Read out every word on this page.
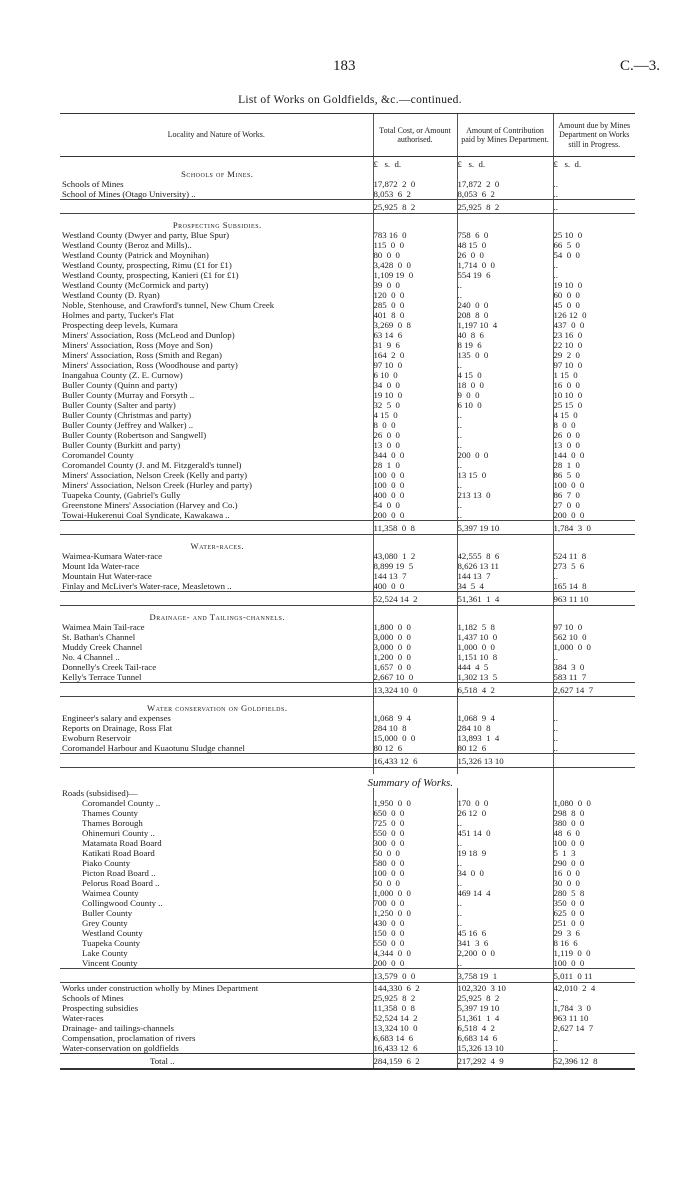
183	C.—3.
List of Works on Goldfields, &c.—continued.
Locality and Nature of Works.	Total Cost, or Amount authorised.	Amount of Contribution paid by Mines Department.	Amount due by Mines Department on Works still in Progress.
	£   s.  d.	£   s.  d.	£   s.  d.
Schools of Mines.			
Schools of Mines	17,872  2  0	17,872  2  0	..
School of Mines (Otago University) ..	8,053  6  2	8,053  6  2	..
	25,925  8  2	25,925  8  2	..

Prospecting Subsidies.			
Westland County (Dwyer and party, Blue Spur)	783 16  0	758  6  0	25 10  0
Westland County (Beroz and Mills)..	115  0  0	48 15  0	66  5  0
Westland County (Patrick and Moynihan)	80  0  0	26  0  0	54  0  0
Westland County, prospecting, Rimu (£1 for £1)	3,428  0  0	1,714  0  0	..
Westland County, prospecting, Kanieri (£1 for £1)	1,109 19  0	554 19  6	..
Westland County (McCormick and party)	39  0  0	..	19 10  0
Westland County (D. Ryan)	120  0  0	..	60  0  0
Noble, Stenhouse, and Crawford's tunnel, New Chum Creek	285  0  0	240  0  0	45  0  0
Holmes and party, Tucker's Flat	401  8  0	208  8  0	126 12  0
Prospecting deep levels, Kumara	3,269  0  8	1,197 10  4	437  0  0
Miners' Association, Ross (McLeod and Dunlop)	63 14  6	40  8  6	23 16  0
Miners' Association, Ross (Moye and Son)	31  9  6	8 19  6	22 10  0
Miners' Association, Ross (Smith and Regan)	164  2  0	135  0  0	29  2  0
Miners' Association, Ross (Woodhouse and party)	97 10  0	..	97 10  0
Inangahua County (Z. E. Curnow)	6 10  0	4 15  0	1 15  0
Buller County (Quinn and party)	34  0  0	18  0  0	16  0  0
Buller County (Murray and Forsyth ..	19 10  0	9  0  0	10 10  0
Buller County (Salter and party)	32  5  0	6 10  0	25 15  0
Buller County (Christmas and party)	4 15  0	..	4 15  0
Buller County (Jeffrey and Walker) ..	8  0  0	..	8  0  0
Buller County (Robertson and Sangwell)	26  0  0	..	26  0  0
Buller County (Burkitt and party)	13  0  0	..	13  0  0
Coromandel County	344  0  0	200  0  0	144  0  0
Coromandel County (J. and M. Fitzgerald's tunnel)	28  1  0	..	28  1  0
Miners' Association, Nelson Creek (Kelly and party)	100  0  0	13 15  0	86  5  0
Miners' Association, Nelson Creek (Hurley and party)	100  0  0	..	100  0  0
Tuapeka County, (Gabriel's Gully	400  0  0	213 13  0	86  7  0
Greenstone Miners' Association (Harvey and Co.)	54  0  0	..	27  0  0
Towai-Hukerenui Coal Syndicate, Kawakawa ..	200  0  0	..	200  0  0
	11,358  0  8	5,397 19 10	1,784  3  0

Water-races.			
Waimea-Kumara Water-race	43,080  1  2	42,555  8  6	524 11  8
Mount Ida Water-race	8,899 19  5	8,626 13 11	273  5  6
Mountain Hut Water-race	144 13  7	144 13  7	..
Finlay and McLiver's Water-race, Measletown ..	400  0  0	34  5  4	165 14  8
	52,524 14  2	51,361  1  4	963 11 10

Drainage- and Tailings-channels.			
Waimea Main Tail-race	1,800  0  0	1,182  5  8	97 10  0
St. Bathan's Channel	3,000  0  0	1,437 10  0	562 10  0
Muddy Creek Channel	3,000  0  0	1,000  0  0	1,000  0  0
No. 4 Channel ..	1,200  0  0	1,151 10  8	..
Donnelly's Creek Tail-race	1,657  0  0	444  4  5	384  3  0
Kelly's Terrace Tunnel	2,667 10  0	1,302 13  5	583 11  7
	13,324 10  0	6,518  4  2	2,627 14  7

Water conservation on Goldfields.			
Engineer's salary and expenses	1,068  9  4	1,068  9  4	..
Reports on Drainage, Ross Flat	284 10  8	284 10  8	..
Ewoburn Reservoir	15,000  0  0	13,893  1  4	..
Coromandel Harbour and Kuaotunu Sludge channel	80 12  6	80 12  6	..
	16,433 12  6	15,326 13 10	

Summary of Works.			
Roads (subsidised)—			
Coromandel County ..	1,950  0  0	170  0  0	1,080  0  0
Thames County	650  0  0	26 12  0	298  8  0
Thames Borough	725  0  0	..	380  0  0
Ohinemuri County ..	550  0  0	451 14  0	48  6  0
Matamata Road Board	300  0  0	..	100  0  0
Katikati Road Board	50  0  0	19 18  9	5  1  3
Piako County	580  0  0	..	290  0  0
Picton Road Board ..	100  0  0	34  0  0	16  0  0
Pelorus Road Board ..	50  0  0	..	30  0  0
Waimea County	1,000  0  0	469 14  4	280  5  8
Collingwood County ..	700  0  0	..	350  0  0
Buller County	1,250  0  0	..	625  0  0
Grey County	430  0  0	..	251  0  0
Westland County	150  0  0	45 16  6	29  3  6
Tuapeka County	550  0  0	341  3  6	8 16  6
Lake County	4,344  0  0	2,200  0  0	1,119  0  0
Vincent County	200  0  0	..	100  0  0
	13,579  0  0	3,758 19  1	5,011  0 11
Works under construction wholly by Mines Department	144,330  6  2	102,320  3 10	42,010  2  4
Schools of Mines	25,925  8  2	25,925  8  2	..
Prospecting subsidies	11,358  0  8	5,397 19 10	1,784  3  0
Water-races	52,524 14  2	51,361  1  4	963 11 10
Drainage- and tailings-channels	13,324 10  0	6,518  4  2	2,627 14  7
Compensation, proclamation of rivers	6,683 14  6	6,683 14  6	..
Water-conservation on goldfields	16,433 12  6	15,326 13 10	..
Total ..	284,159  6  2	217,292  4  9	52,396 12  8
